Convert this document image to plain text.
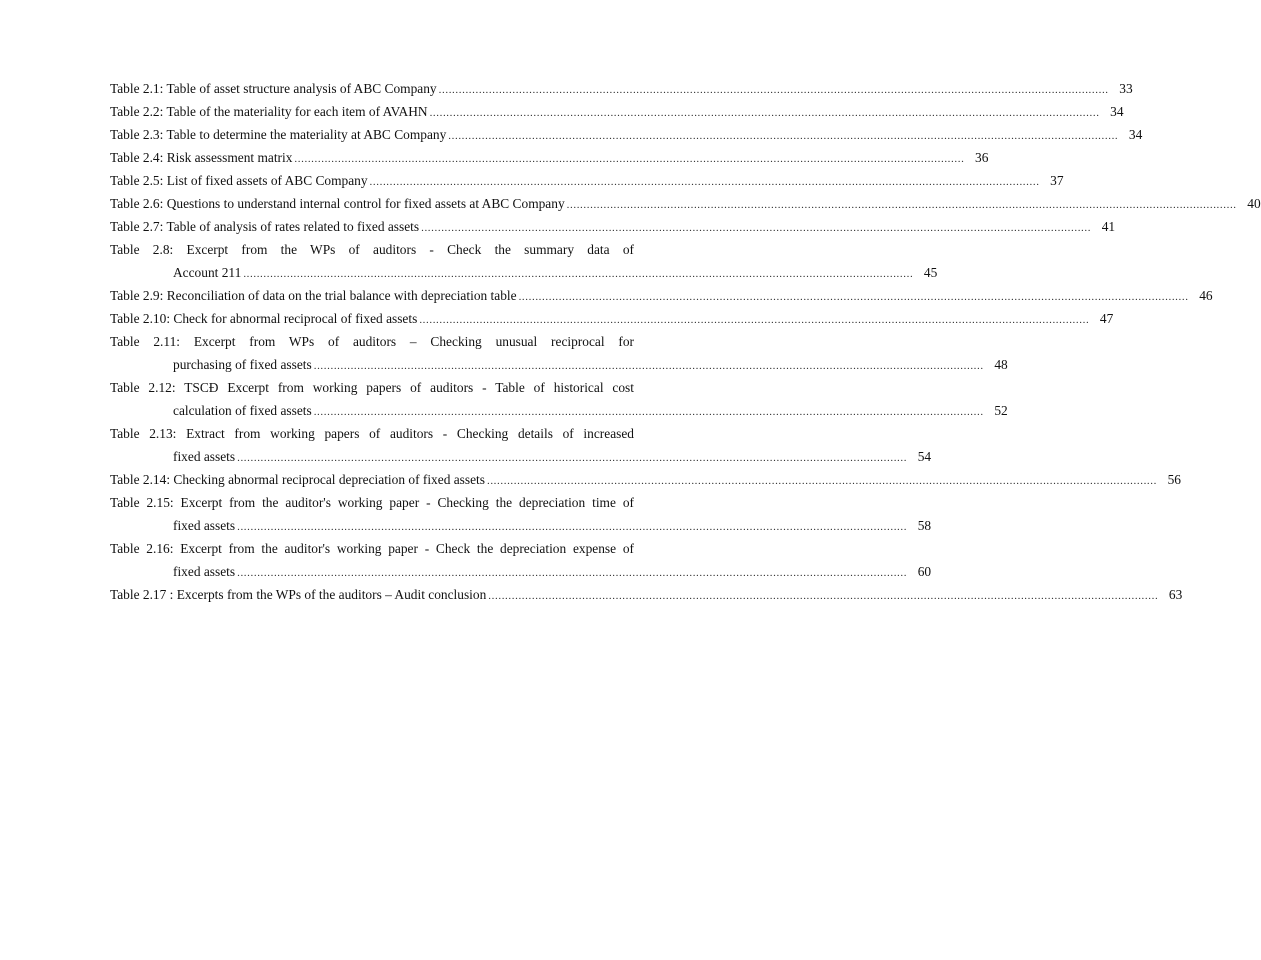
Table 2.1: Table of asset structure analysis of ABC Company ........................................................................................................................................................................................................ 33
Table 2.2: Table of the materiality for each item of AVAHN ........................................................................................................................................................................................................ 34
Table 2.3: Table to determine the materiality at ABC Company ........................................................................................................................................................................................................ 34
Table 2.4: Risk assessment matrix ........................................................................................................................................................................................................ 36
Table 2.5: List of fixed assets of ABC Company ........................................................................................................................................................................................................ 37
Table 2.6: Questions to understand internal control for fixed assets at ABC Company ........................................................................................................................................................................................................ 40
Table 2.7: Table of analysis of rates related to fixed assets ........................................................................................................................................................................................................ 41
Table 2.8: Excerpt from the WPs of auditors - Check the summary data of
Account 211 ........................................................................................................................................................................................................ 45
Table 2.9: Reconciliation of data on the trial balance with depreciation table ........................................................................................................................................................................................................ 46
Table 2.10: Check for abnormal reciprocal of fixed assets ........................................................................................................................................................................................................ 47
Table 2.11: Excerpt from WPs of auditors – Checking unusual reciprocal for
purchasing of fixed assets ........................................................................................................................................................................................................ 48
Table 2.12: TSCĐ Excerpt from working papers of auditors - Table of historical cost
calculation of fixed assets ........................................................................................................................................................................................................ 52
Table 2.13: Extract from working papers of auditors - Checking details of increased
fixed assets ........................................................................................................................................................................................................ 54
Table 2.14: Checking abnormal reciprocal depreciation of fixed assets ........................................................................................................................................................................................................ 56
Table 2.15: Excerpt from the auditor's working paper - Checking the depreciation time of
fixed assets ........................................................................................................................................................................................................ 58
Table 2.16: Excerpt from the auditor's working paper - Check the depreciation expense of
fixed assets ........................................................................................................................................................................................................ 60
Table 2.17 : Excerpts from the WPs of the auditors – Audit conclusion ........................................................................................................................................................................................................ 63
